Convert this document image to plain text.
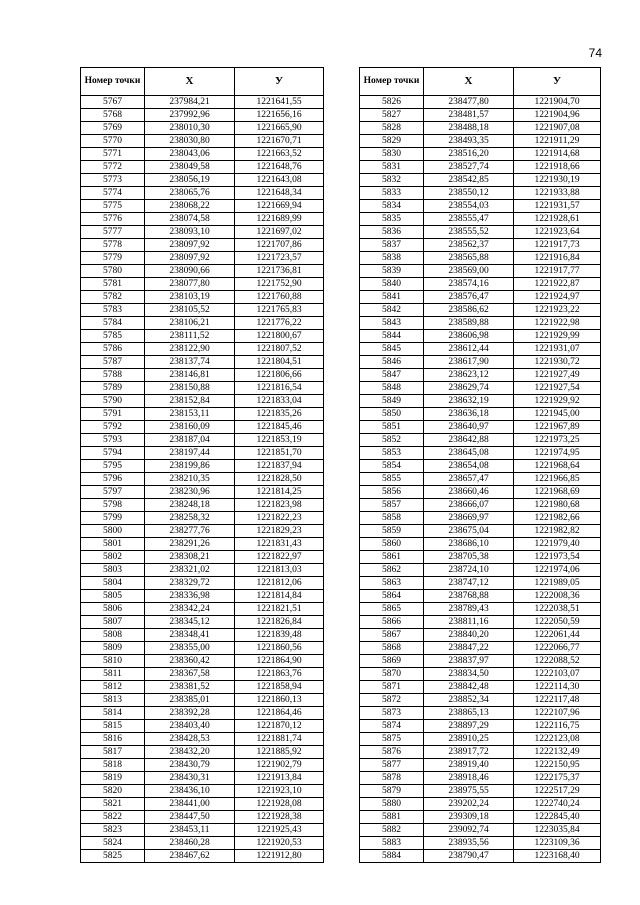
74
Номер точки	X	У
5767	237984,21	1221641,55
5768	237992,96	1221656,16
5769	238010,30	1221665,90
5770	238030,80	1221670,71
5771	238043,06	1221663,52
5772	238049,58	1221648,76
5773	238056,19	1221643,08
5774	238065,76	1221648,34
5775	238068,22	1221669,94
5776	238074,58	1221689,99
5777	238093,10	1221697,02
5778	238097,92	1221707,86
5779	238097,92	1221723,57
5780	238090,66	1221736,81
5781	238077,80	1221752,90
5782	238103,19	1221760,88
5783	238105,52	1221765,83
5784	238106,21	1221776,22
5785	238111,52	1221800,67
5786	238122,90	1221807,52
5787	238137,74	1221804,51
5788	238146,81	1221806,66
5789	238150,88	1221816,54
5790	238152,84	1221833,04
5791	238153,11	1221835,26
5792	238160,09	1221845,46
5793	238187,04	1221853,19
5794	238197,44	1221851,70
5795	238199,86	1221837,94
5796	238210,35	1221828,50
5797	238230,96	1221814,25
5798	238248,18	1221823,98
5799	238258,32	1221822,23
5800	238277,76	1221829,23
5801	238291,26	1221831,43
5802	238308,21	1221822,97
5803	238321,02	1221813,03
5804	238329,72	1221812,06
5805	238336,98	1221814,84
5806	238342,24	1221821,51
5807	238345,12	1221826,84
5808	238348,41	1221839,48
5809	238355,00	1221860,56
5810	238360,42	1221864,90
5811	238367,58	1221863,76
5812	238381,52	1221858,94
5813	238385,01	1221860,13
5814	238392,28	1221864,46
5815	238403,40	1221870,12
5816	238428,53	1221881,74
5817	238432,20	1221885,92
5818	238430,79	1221902,79
5819	238430,31	1221913,84
5820	238436,10	1221923,10
5821	238441,00	1221928,08
5822	238447,50	1221928,38
5823	238453,11	1221925,43
5824	238460,28	1221920,53
5825	238467,62	1221912,80
Номер точки	X	У
5826	238477,80	1221904,70
5827	238481,57	1221904,96
5828	238488,18	1221907,08
5829	238493,35	1221911,29
5830	238516,20	1221914,68
5831	238527,74	1221918,66
5832	238542,85	1221930,19
5833	238550,12	1221933,88
5834	238554,03	1221931,57
5835	238555,47	1221928,61
5836	238555,52	1221923,64
5837	238562,37	1221917,73
5838	238565,88	1221916,84
5839	238569,00	1221917,77
5840	238574,16	1221922,87
5841	238576,47	1221924,97
5842	238586,62	1221923,22
5843	238589,88	1221922,98
5844	238606,98	1221929,99
5845	238612,44	1221931,07
5846	238617,90	1221930,72
5847	238623,12	1221927,49
5848	238629,74	1221927,54
5849	238632,19	1221929,92
5850	238636,18	1221945,00
5851	238640,97	1221967,89
5852	238642,88	1221973,25
5853	238645,08	1221974,95
5854	238654,08	1221968,64
5855	238657,47	1221966,85
5856	238660,46	1221968,69
5857	238666,07	1221980,68
5858	238669,97	1221982,66
5859	238675,04	1221982,82
5860	238686,10	1221979,40
5861	238705,38	1221973,54
5862	238724,10	1221974,06
5863	238747,12	1221989,05
5864	238768,88	1222008,36
5865	238789,43	1222038,51
5866	238811,16	1222050,59
5867	238840,20	1222061,44
5868	238847,22	1222066,77
5869	238837,97	1222088,52
5870	238834,50	1222103,07
5871	238842,48	1222114,30
5872	238852,34	1222117,48
5873	238865,13	1222107,96
5874	238897,29	1222116,75
5875	238910,25	1222123,08
5876	238917,72	1222132,49
5877	238919,40	1222150,95
5878	238918,46	1222175,37
5879	238975,55	1222517,29
5880	239202,24	1222740,24
5881	239309,18	1222845,40
5882	239092,74	1223035,84
5883	238935,56	1223109,36
5884	238790,47	1223168,40
